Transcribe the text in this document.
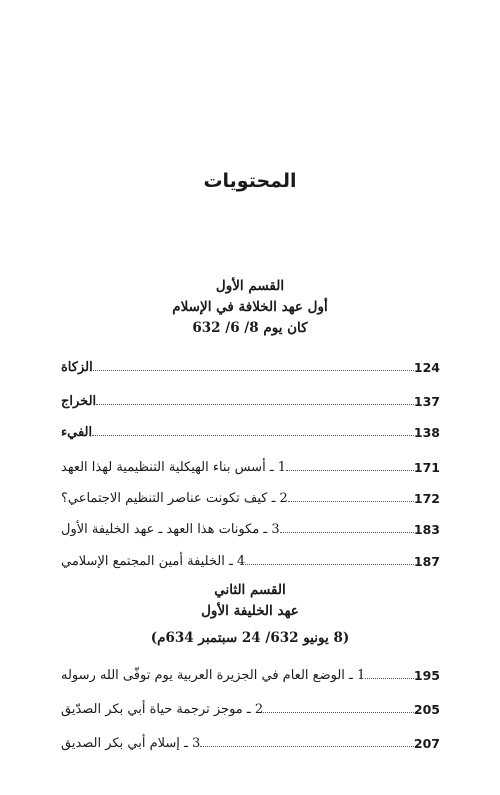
المحتويات
القسم الأول
أول عهد الخلافة في الإسلام
كان يوم 8/ 6/ 632
الزكاة	124
الخراج	137
الفيء	138
1 ـ أسس بناء الهيكلية التنظيمية لهذا العهد	171
2 ـ كيف تكونت عناصر التنظيم الاجتماعي؟	172
3 ـ مكونات هذا العهد ـ عهد الخليفة الأول	183
4 ـ الخليفة أمين المجتمع الإسلامي	187
القسم الثاني
عهد الخليفة الأول
(8 يونيو 632/ 24 سبتمبر 634م)
1 ـ الوضع العام في الجزيرة العربية يوم توفّى الله رسوله	195
2 ـ موجز ترجمة حياة أبي بكر الصدّيق	205
3 ـ إسلام أبي بكر الصديق	207
